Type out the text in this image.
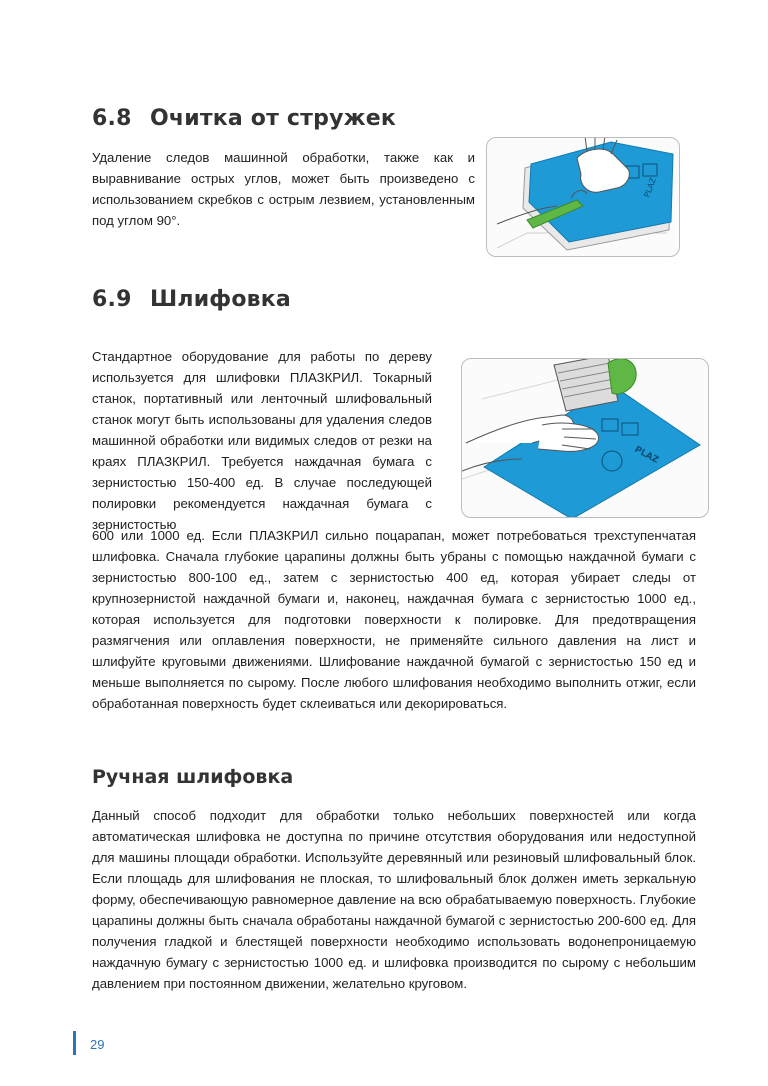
6.8 Очитка от стружек
Удаление следов машинной обработки, также как и выравнивание острых углов, может быть произведено с использованием скребков с острым лезвием, установленным под углом 90°.
PLAZ
6.9 Шлифовка
Стандартное оборудование для работы по дереву используется для шлифовки ПЛАЗКРИЛ. Токарный станок, портативный или ленточный шлифовальный станок могут быть использованы для удаления следов машинной обработки или видимых следов от резки на краях ПЛАЗКРИЛ. Требуется наждачная бумага с зернистостью 150-400 ед. В случае последующей полировки рекомендуется наждачная бумага с зернистостью
PLAZ
600 или 1000 ед. Если ПЛАЗКРИЛ сильно поцарапан, может потребоваться трехступенчатая шлифовка. Сначала глубокие царапины должны быть убраны с помощью наждачной бумаги с зернистостью 800-100 ед., затем с зернистостью 400 ед, которая убирает следы от крупнозернистой наждачной бумаги и, наконец, наждачная бумага с зернистостью 1000 ед., которая используется для подготовки поверхности к полировке. Для предотвращения размягчения или оплавления поверхности, не применяйте сильного давления на лист и шлифуйте круговыми движениями. Шлифование наждачной бумагой с зернистостью 150 ед и меньше выполняется по сырому. После любого шлифования необходимо выполнить отжиг, если обработанная поверхность будет склеиваться или декорироваться.
Ручная шлифовка
Данный способ подходит для обработки только небольших поверхностей или когда автоматическая шлифовка не доступна по причине отсутствия оборудования или недоступной для машины площади обработки. Используйте деревянный или резиновый шлифовальный блок. Если площадь для шлифования не плоская, то шлифовальный блок должен иметь зеркальную форму, обеспечивающую равномерное давление на всю обрабатываемую поверхность. Глубокие царапины должны быть сначала обработаны наждачной бумагой с зернистостью 200-600 ед. Для получения гладкой и блестящей поверхности необходимо использовать водонепроницаемую наждачную бумагу с зернистостью 1000 ед. и шлифовка производится по сырому с небольшим давлением при постоянном движении, желательно круговом.
29
